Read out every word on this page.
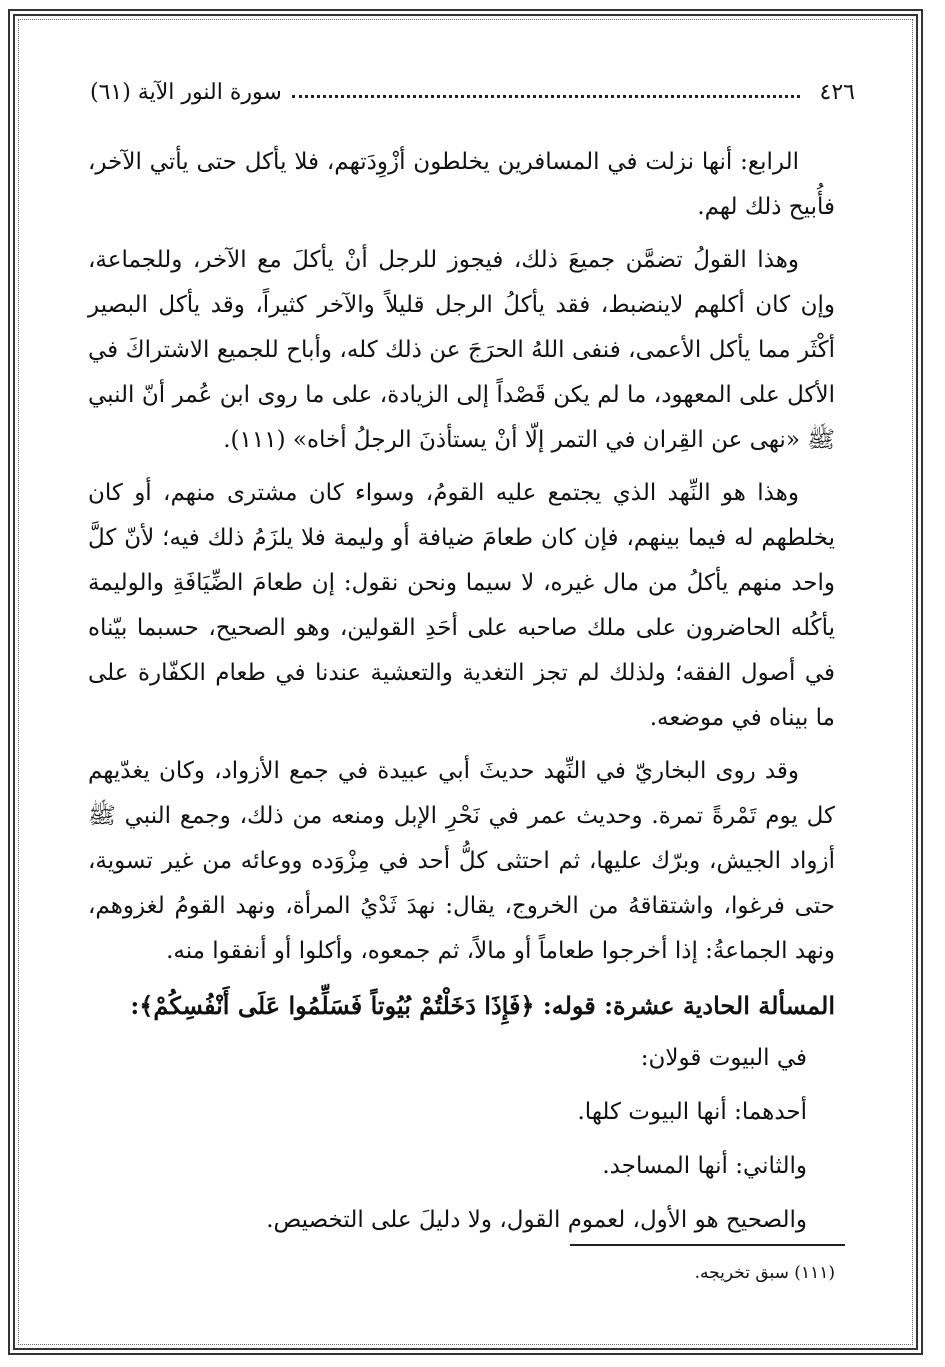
٤٢٦
سورة النور الآية (٦١)

الرابع: أنها نزلت في المسافرين يخلطون أزْوِدَتهم، فلا يأكل حتى يأتي الآخر، فأُبيح ذلك لهم.

وهذا القولُ تضمَّن جميعَ ذلك، فيجوز للرجل أنْ يأكلَ مع الآخر، وللجماعة، وإن كان أكلهم لاينضبط، فقد يأكلُ الرجل قليلاً والآخر كثيراً، وقد يأكل البصير أكْثَر مما يأكل الأعمى، فنفى اللهُ الحرَجَ عن ذلك كله، وأباح للجميع الاشتراكَ في الأكل على المعهود، ما لم يكن قَصْداً إلى الزيادة، على ما روى ابن عُمر أنّ النبي ﷺ «نهى عن القِران في التمر إلّا أنْ يستأذنَ الرجلُ أخاه» (١١١).

وهذا هو النِّهد الذي يجتمع عليه القومُ، وسواء كان مشترى منهم، أو كان يخلطهم له فيما بينهم، فإن كان طعامَ ضيافة أو وليمة فلا يلزَمُ ذلك فيه؛ لأنّ كلَّ واحد منهم يأكلُ من مال غيره، لا سيما ونحن نقول: إن طعامَ الضِّيَافَةِ والوليمة يأكُله الحاضرون على ملك صاحبه على أحَدِ القولين، وهو الصحيح، حسبما بيّناه في أصول الفقه؛ ولذلك لم تجز التغدية والتعشية عندنا في طعام الكفّارة على ما بيناه في موضعه.

وقد روى البخاريّ في النِّهد حديثَ أبي عبيدة في جمع الأزواد، وكان يغدّيهم كل يوم تَمْرةً تمرة. وحديث عمر في نَحْرِ الإبل ومنعه من ذلك، وجمع النبي ﷺ أزواد الجيش، وبرّك عليها، ثم احتثى كلُّ أحد في مِزْوَده ووعائه من غير تسوية، حتى فرغوا، واشتقاقهُ من الخروج، يقال: نهدَ ثَدْيُ المرأة، ونهد القومُ لغزوهم، ونهد الجماعةُ: إذا أخرجوا طعاماً أو مالاً، ثم جمعوه، وأكلوا أو أنفقوا منه.

المسألة الحادية عشرة: قوله: ﴿فَإِذَا دَخَلْتُمْ بُيُوتاً فَسَلِّمُوا عَلَى أَنْفُسِكُمْ﴾:

في البيوت قولان:

أحدهما: أنها البيوت كلها.

والثاني: أنها المساجد.

والصحيح هو الأول، لعموم القول، ولا دليلَ على التخصيص.

(١١١) سبق تخريجه.
